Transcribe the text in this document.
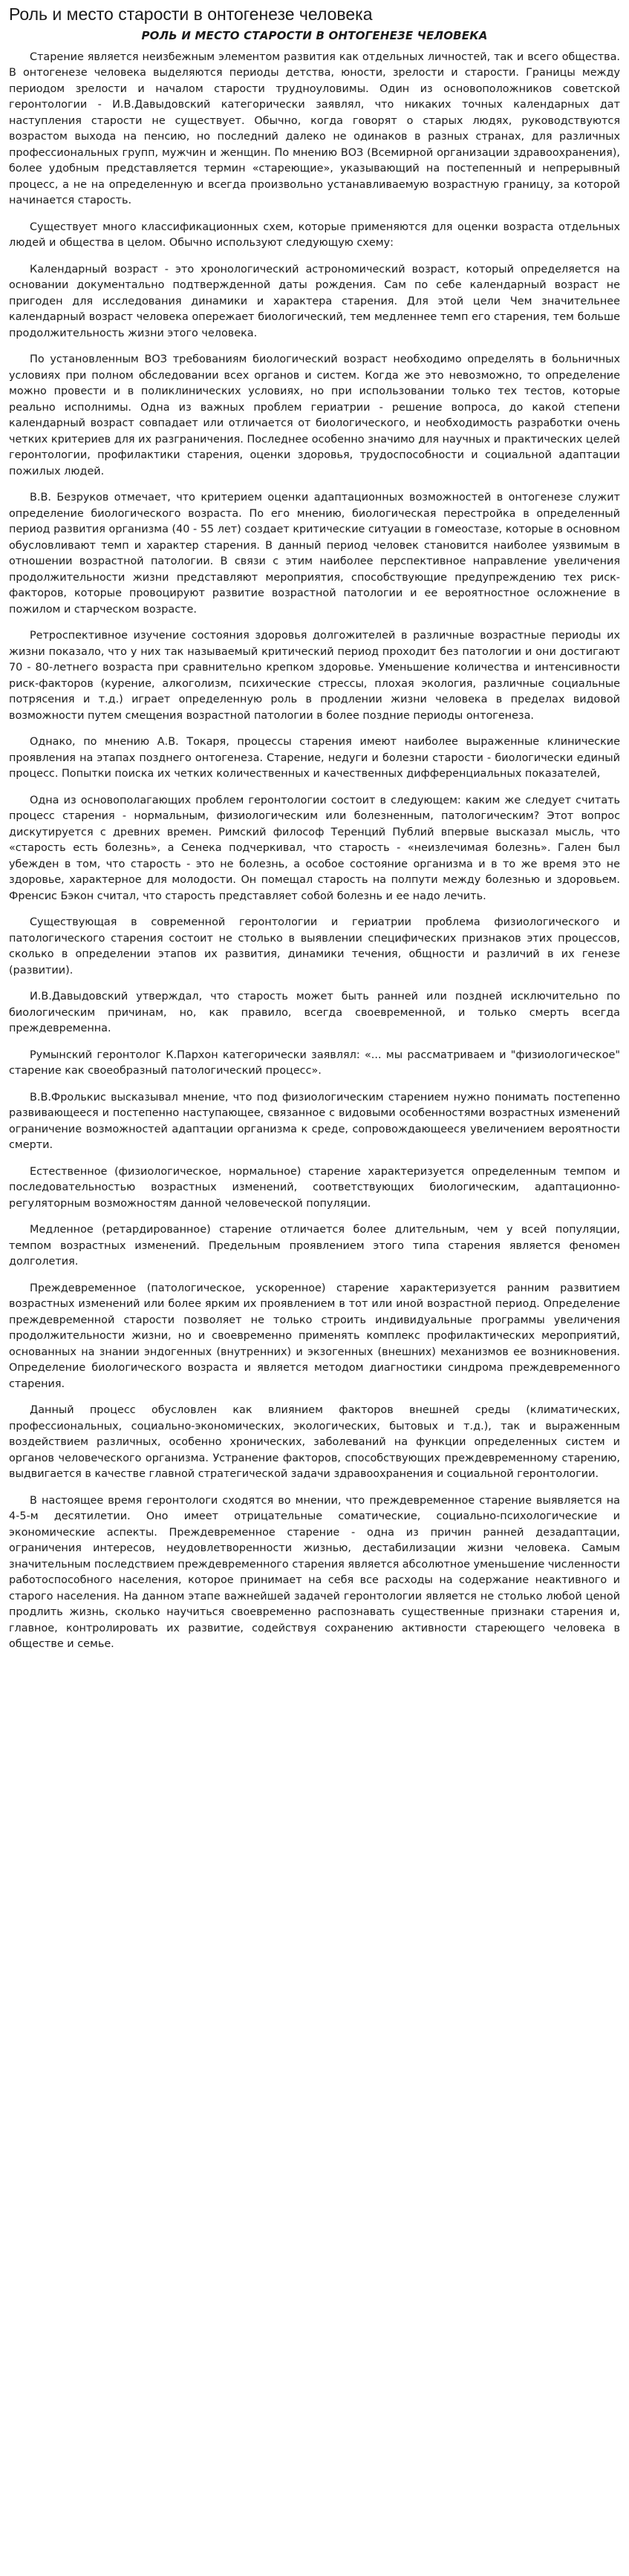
Роль и место старости в онтогенезе человека
РОЛЬ И МЕСТО СТАРОСТИ В ОНТОГЕНЕЗЕ ЧЕЛОВЕКА

Старение является неизбежным элементом развития как отдельных личностей, так и всего общества. В онтогенезе человека выделяются периоды детства, юности, зрелости и старости. Границы между периодом зрелости и началом старости трудноуловимы. Один из основоположников советской геронтологии - И.В.Давыдовский категорически заявлял, что никаких точных календарных дат наступления старости не существует. Обычно, когда говорят о старых людях, руководствуются возрастом выхода на пенсию, но последний далеко не одинаков в разных странах, для различных профессиональных групп, мужчин и женщин. По мнению ВОЗ (Всемирной организации здравоохранения), более удобным представляется термин «стареющие», указывающий на постепенный и непрерывный процесс, а не на определенную и всегда произвольно устанавливаемую возрастную границу, за которой начинается старость.

Существует много классификационных схем, которые применяются для оценки возраста отдельных людей и общества в целом. Обычно используют следующую схему:

Календарный возраст - это хронологический астрономический возраст, который определяется на основании документально подтвержденной даты рождения. Сам по себе календарный возраст не пригоден для исследования динамики и характера старения. Для этой цели Чем значительнее календарный возраст человека опережает биологический, тем медленнее темп его старения, тем больше продолжительность жизни этого человека.

По установленным ВОЗ требованиям биологический возраст необходимо определять в больничных условиях при полном обследовании всех органов и систем. Когда же это невозможно, то определение можно провести и в поликлинических условиях, но при использовании только тех тестов, которые реально исполнимы. Одна из важных проблем гериатрии - решение вопроса, до какой степени календарный возраст совпадает или отличается от биологического, и необходимость разработки очень четких критериев для их разграничения. Последнее особенно значимо для научных и практических целей геронтологии, профилактики старения, оценки здоровья, трудоспособности и социальной адаптации пожилых людей.

В.В. Безруков отмечает, что критерием оценки адаптационных возможностей в онтогенезе служит определение биологического возраста. По его мнению, биологическая перестройка в определенный период развития организма (40 - 55 лет) создает критические ситуации в гомеостазе, которые в основном обусловливают темп и характер старения. В данный период человек становится наиболее уязвимым в отношении возрастной патологии. В связи с этим наиболее перспективное направление увеличения продолжительности жизни представляют мероприятия, способствующие предупреждению тех риск-факторов, которые провоцируют развитие возрастной патологии и ее вероятностное осложнение в пожилом и старческом возрасте.

Ретроспективное изучение состояния здоровья долгожителей в различные возрастные периоды их жизни показало, что у них так называемый критический период проходит без патологии и они достигают 70 - 80-летнего возраста при сравнительно крепком здоровье. Уменьшение количества и интенсивности риск-факторов (курение, алкоголизм, психические стрессы, плохая экология, различные социальные потрясения и т.д.) играет определенную роль в продлении жизни человека в пределах видовой возможности путем смещения возрастной патологии в более поздние периоды онтогенеза.

Однако, по мнению А.В. Токаря, процессы старения имеют наиболее выраженные клинические проявления на этапах позднего онтогенеза. Старение, недуги и болезни старости - биологически единый процесс. Попытки поиска их четких количественных и качественных дифференциальных показателей,

Одна из основополагающих проблем геронтологии состоит в следующем: каким же следует считать процесс старения - нормальным, физиологическим или болезненным, патологическим? Этот вопрос дискутируется с древних времен. Римский философ Теренций Публий впервые высказал мысль, что «старость есть болезнь», а Сенека подчеркивал, что старость - «неизлечимая болезнь». Гален был убежден в том, что старость - это не болезнь, а особое состояние организма и в то же время это не здоровье, характерное для молодости. Он помещал старость на полпути между болезнью и здоровьем. Френсис Бэкон считал, что старость представляет собой болезнь и ее надо лечить.

Существующая в современной геронтологии и гериатрии проблема физиологического и патологического старения состоит не столько в выявлении специфических признаков этих процессов, сколько в определении этапов их развития, динамики течения, общности и различий в их генезе (развитии).

И.В.Давыдовский утверждал, что старость может быть ранней или поздней исключительно по биологическим причинам, но, как правило, всегда своевременной, и только смерть всегда преждевременна.

Румынский геронтолог К.Пархон категорически заявлял: «... мы рассматриваем и "физиологическое" старение как своеобразный патологический процесс».

В.В.Фролькис высказывал мнение, что под физиологическим старением нужно понимать постепенно развивающееся и постепенно наступающее, связанное с видовыми особенностями возрастных изменений ограничение возможностей адаптации организма к среде, сопровождающееся увеличением вероятности смерти.

Естественное (физиологическое, нормальное) старение характеризуется определенным темпом и последовательностью возрастных изменений, соответствующих биологическим, адаптационно-регуляторным возможностям данной человеческой популяции.

Медленное (ретардированное) старение отличается более длительным, чем у всей популяции, темпом возрастных изменений. Предельным проявлением этого типа старения является феномен долголетия.

Преждевременное (патологическое, ускоренное) старение характеризуется ранним развитием возрастных изменений или более ярким их проявлением в тот или иной возрастной период. Определение преждевременной старости позволяет не только строить индивидуальные программы увеличения продолжительности жизни, но и своевременно применять комплекс профилактических мероприятий, основанных на знании эндогенных (внутренних) и экзогенных (внешних) механизмов ее возникновения. Определение биологического возраста и является методом диагностики синдрома преждевременного старения.

Данный процесс обусловлен как влиянием факторов внешней среды (климатических, профессиональных, социально-экономических, экологических, бытовых и т.д.), так и выраженным воздействием различных, особенно хронических, заболеваний на функции определенных систем и органов человеческого организма. Устранение факторов, способствующих преждевременному старению, выдвигается в качестве главной стратегической задачи здравоохранения и социальной геронтологии.

В настоящее время геронтологи сходятся во мнении, что преждевременное старение выявляется на 4-5-м десятилетии. Оно имеет отрицательные соматические, социально-психологические и экономические аспекты. Преждевременное старение - одна из причин ранней дезадаптации, ограничения интересов, неудовлетворенности жизнью, дестабилизации жизни человека. Самым значительным последствием преждевременного старения является абсолютное уменьшение численности работоспособного населения, которое принимает на себя все расходы на содержание неактивного и старого населения. На данном этапе важнейшей задачей геронтологии является не столько любой ценой продлить жизнь, сколько научиться своевременно распознавать существенные признаки старения и, главное, контролировать их развитие, содействуя сохранению активности стареющего человека в обществе и семье.
